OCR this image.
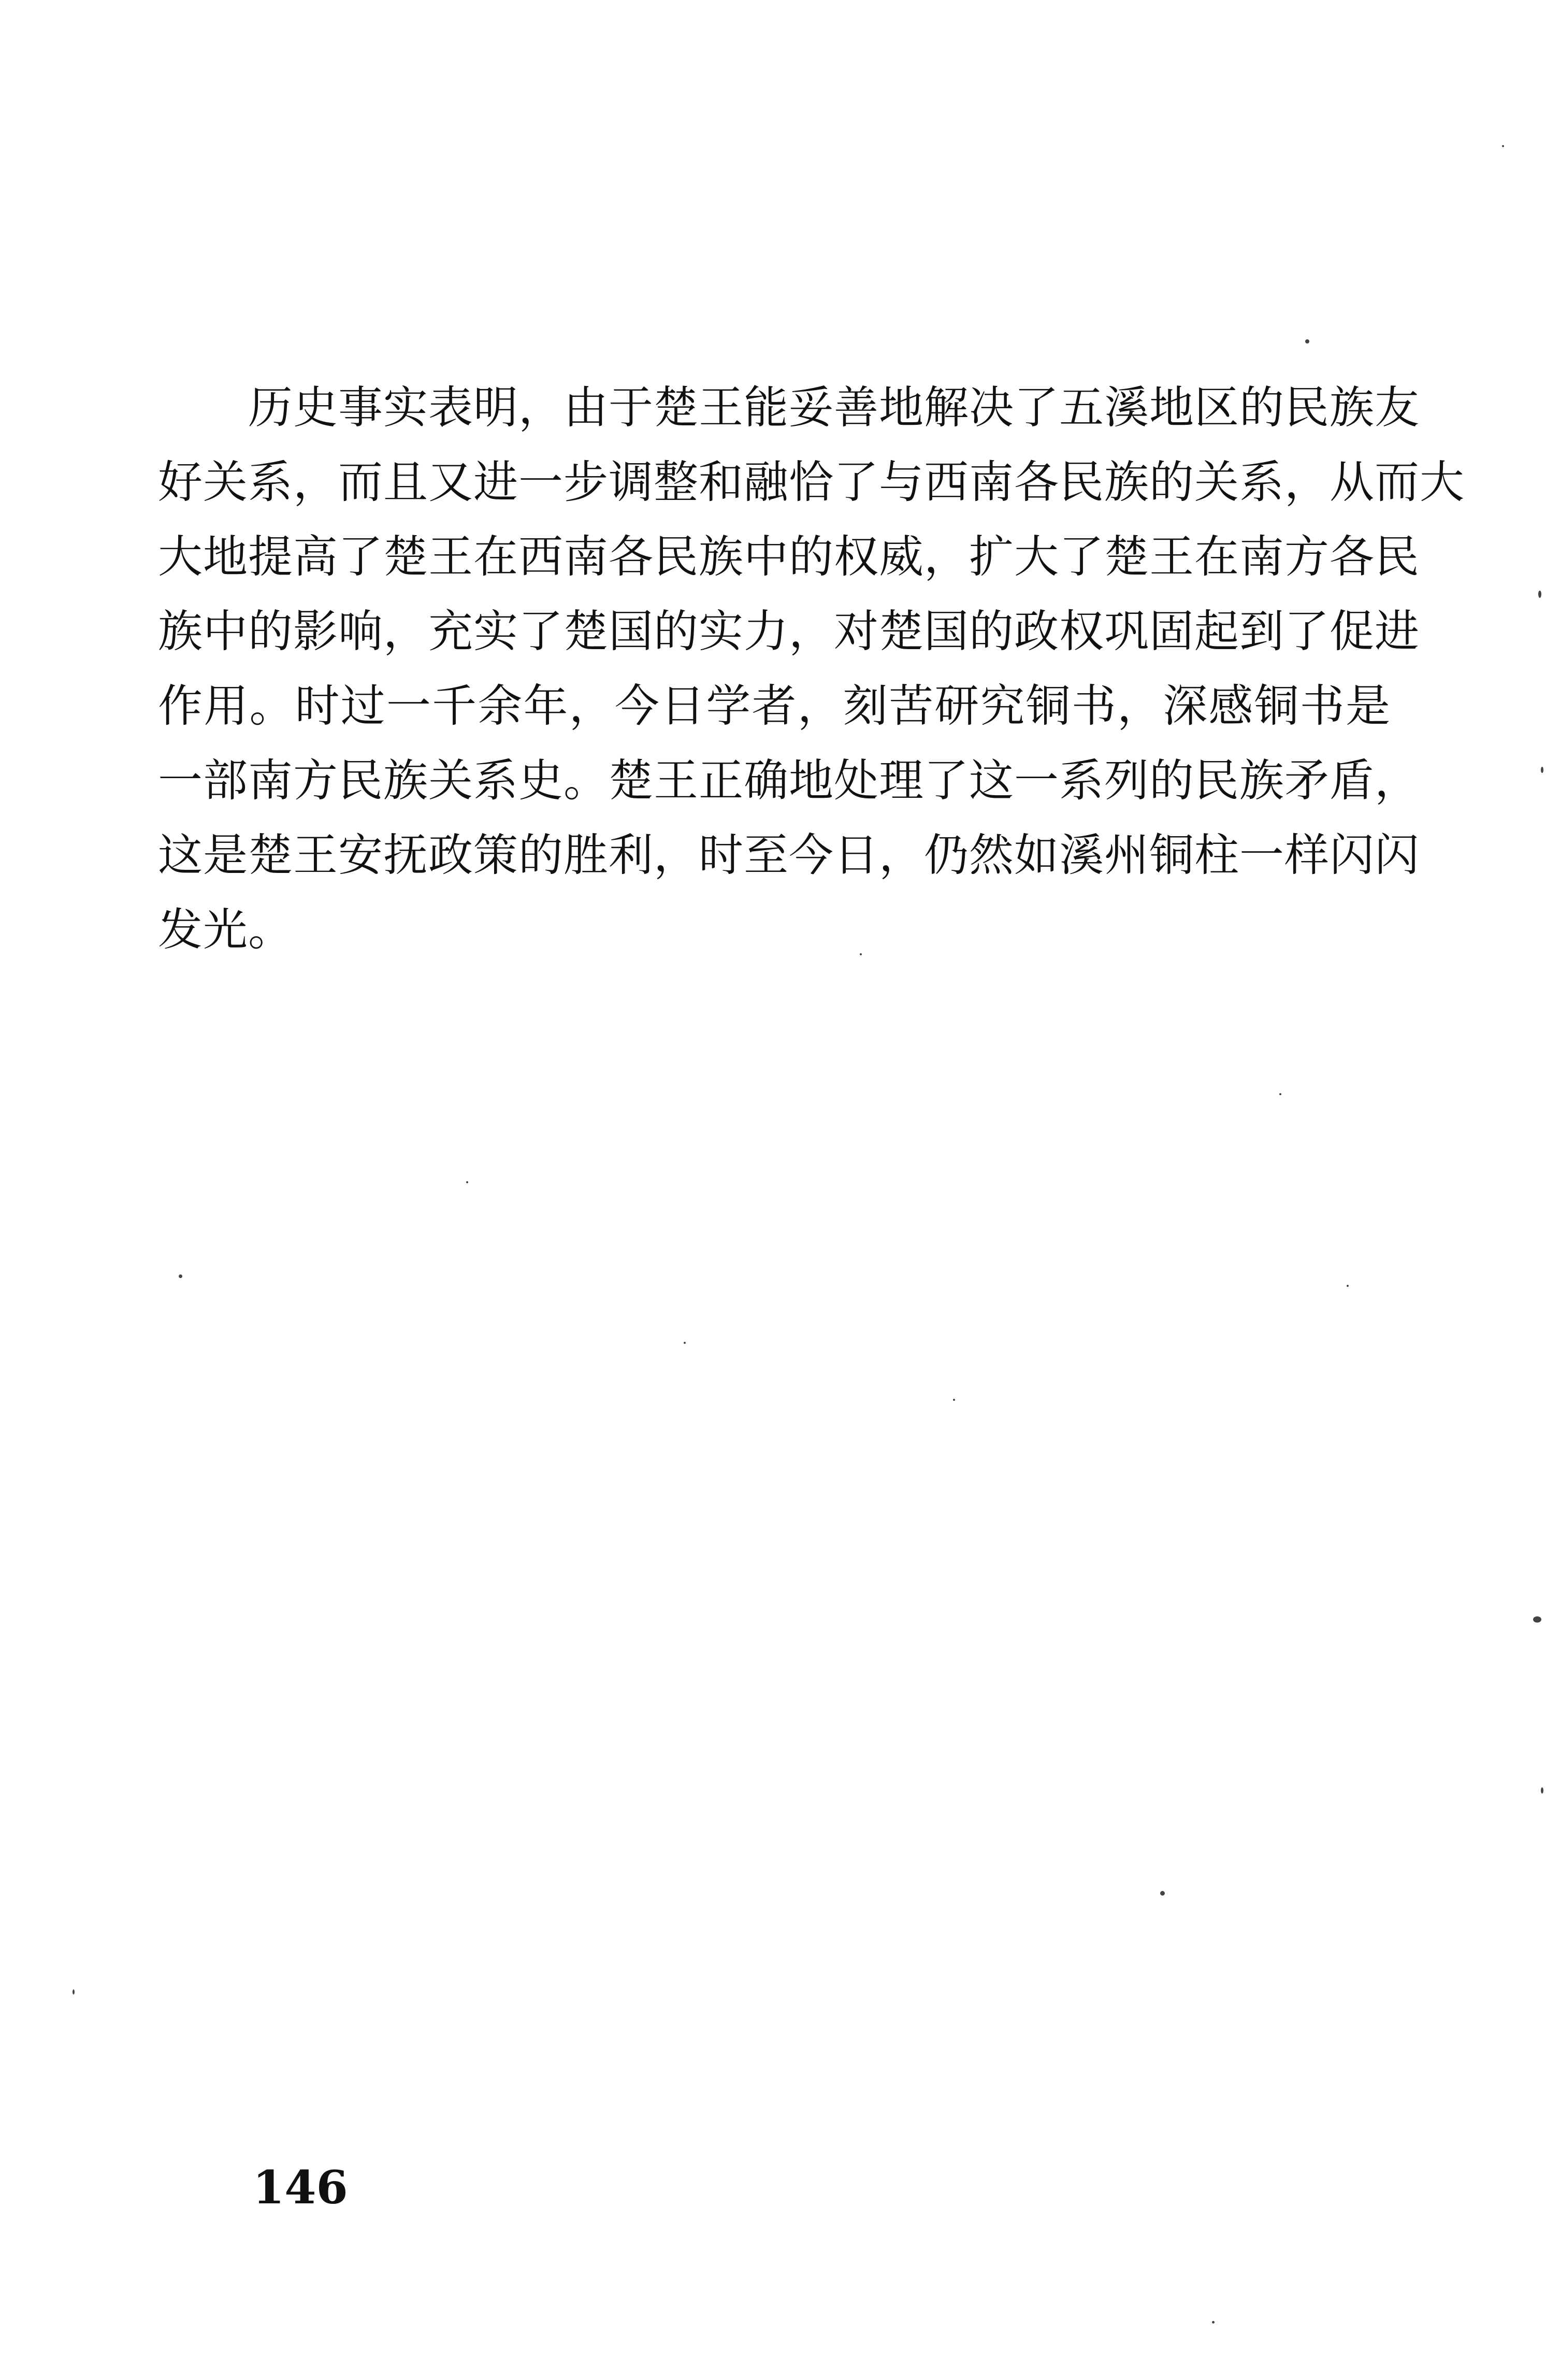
　　历史事实表明，由于楚王能妥善地解决了五溪地区的民族友
好关系，而且又进一步调整和融恰了与西南各民族的关系，从而大
大地提高了楚王在西南各民族中的权威，扩大了楚王在南方各民
族中的影响，充实了楚国的实力，对楚国的政权巩固起到了促进
作用。时过一千余年，今日学者，刻苦研究铜书，深感铜书是
一部南方民族关系史。楚王正确地处理了这一系列的民族矛盾，
这是楚王安抚政策的胜利，时至今日，仍然如溪州铜柱一样闪闪
发光。
146
